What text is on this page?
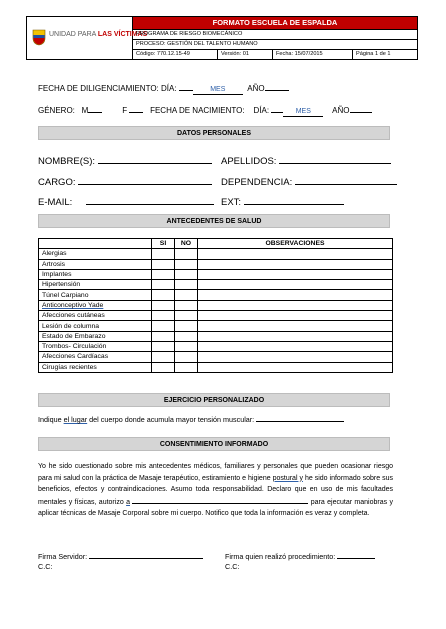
UNIDAD PARA LAS VÍCTIMAS
FORMATO ESCUELA DE ESPALDA
PROGRAMA DE RIESGO BIOMECÁNICO
PROCESO: GESTIÓN DEL TALENTO HUMANO
Código: 770.12.15-49	Versión: 01	Fecha: 15/07/2015	Página 1 de 1
FECHA DE DILIGENCIAMIENTO: DÍA:	MES	AÑO
GÉNERO: M	F	FECHA DE NACIMIENTO: DÍA:	MES	AÑO
DATOS PERSONALES
NOMBRE(S):	APELLIDOS:
CARGO:	DEPENDENCIA:
E-MAIL:	EXT:
ANTECEDENTES DE SALUD
	SI	NO	OBSERVACIONES
Alergias			
Artrosis			
Implantes			
Hipertensión			
Túnel Carpiano			
Anticonceptivo Yade			
Afecciones cutáneas			
Lesión de columna			
Estado de Embarazo			
Trombos- Circulación			
Afecciones Cardíacas			
Cirugías recientes			
EJERCICIO PERSONALIZADO
Indique el lugar del cuerpo donde acumula mayor tensión muscular:
CONSENTIMIENTO INFORMADO
Yo he sido cuestionado sobre mis antecedentes médicos, familiares y personales que pueden ocasionar riesgo para mi salud con la práctica de Masaje terapéutico, estiramiento e higiene postural y he sido informado sobre sus beneficios, efectos y contraindicaciones. Asumo toda responsabilidad. Declaro que en uso de mis facultades mentales y físicas, autorizo a	para ejecutar maniobras y aplicar técnicas de Masaje Corporal sobre mi cuerpo. Notifico que toda la información es veraz y completa.
Firma Servidor:
C.C:
Firma quien realizó procedimiento:
C.C:
